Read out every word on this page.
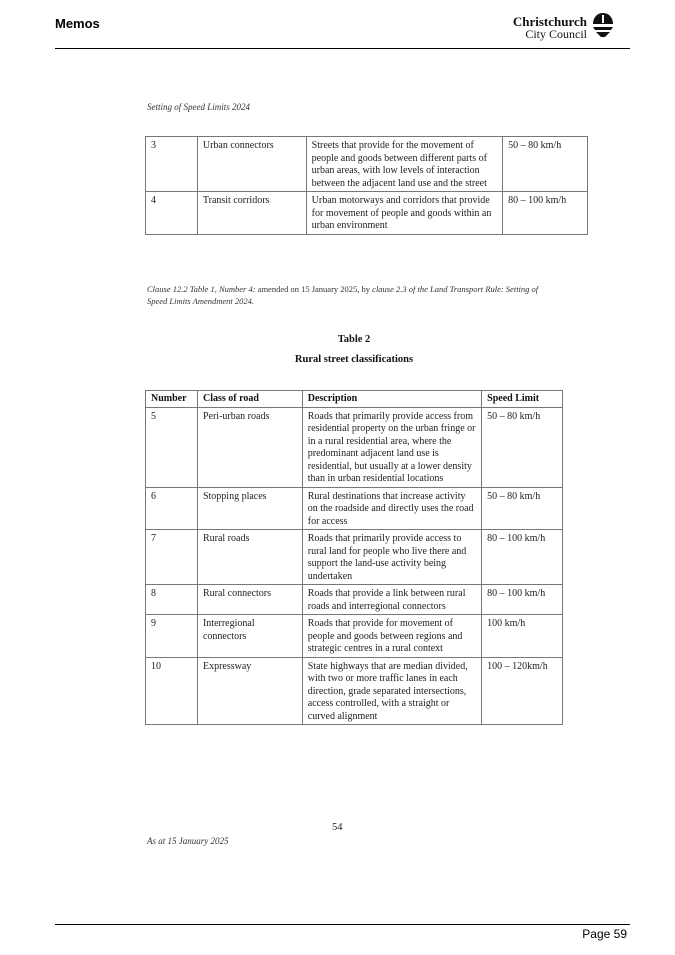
Memos	Christchurch
City Council
Setting of Speed Limits 2024
3	Urban connectors	Streets that provide for the movement of people and goods between different parts of urban areas, with low levels of interaction between the adjacent land use and the street	50 – 80 km/h
4	Transit corridors	Urban motorways and corridors that provide for movement of people and goods within an urban environment	80 – 100 km/h
Clause 12.2 Table 1, Number 4: amended on 15 January 2025, by clause 2.3 of the Land Transport Rule: Setting of Speed Limits Amendment 2024.
Table 2
Rural street classifications
Number	Class of road	Description	Speed Limit
5	Peri-urban roads	Roads that primarily provide access from residential property on the urban fringe or in a rural residential area, where the predominant adjacent land use is residential, but usually at a lower density than in urban residential locations	50 – 80 km/h
6	Stopping places	Rural destinations that increase activity on the roadside and directly uses the road for access	50 – 80 km/h
7	Rural roads	Roads that primarily provide access to rural land for people who live there and support the land-use activity being undertaken	80 – 100 km/h
8	Rural connectors	Roads that provide a link between rural roads and interregional connectors	80 – 100 km/h
9	Interregional connectors	Roads that provide for movement of people and goods between regions and strategic centres in a rural context	100 km/h
10	Expressway	State highways that are median divided, with two or more traffic lanes in each direction, grade separated intersections, access controlled, with a straight or curved alignment	100 – 120km/h
54
As at 15 January 2025
Page 59
